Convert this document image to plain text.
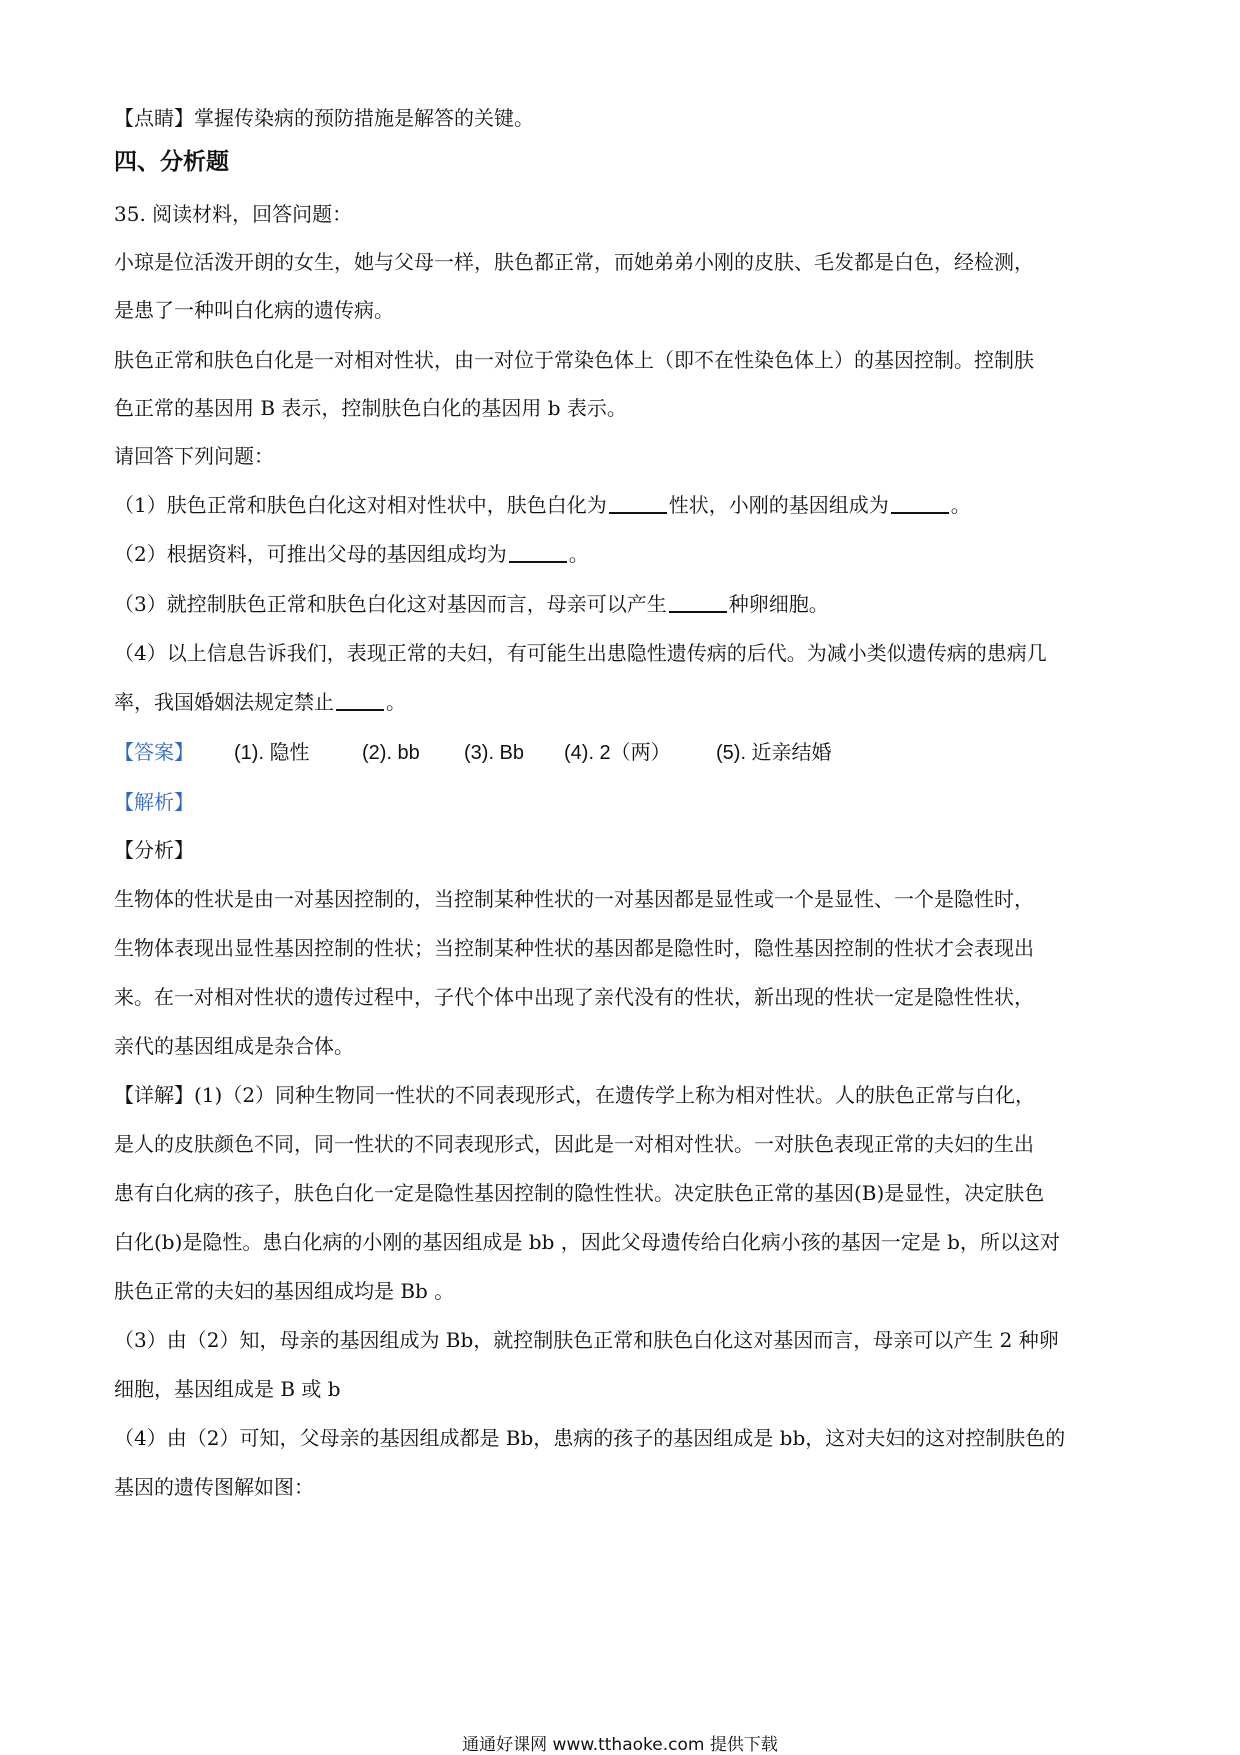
【点睛】掌握传染病的预防措施是解答的关键。
四、分析题
35. 阅读材料，回答问题：
小琼是位活泼开朗的女生，她与父母一样，肤色都正常，而她弟弟小刚的皮肤、毛发都是白色，经检测，
是患了一种叫白化病的遗传病。
肤色正常和肤色白化是一对相对性状，由一对位于常染色体上（即不在性染色体上）的基因控制。控制肤
色正常的基因用 B 表示，控制肤色白化的基因用 b 表示。
请回答下列问题：
（1）肤色正常和肤色白化这对相对性状中，肤色白化为	性状，小刚的基因组成为	。
（2）根据资料，可推出父母的基因组成均为	。
（3）就控制肤色正常和肤色白化这对基因而言，母亲可以产生	种卵细胞。
（4）以上信息告诉我们，表现正常的夫妇，有可能生出患隐性遗传病的后代。为减小类似遗传病的患病几
率，我国婚姻法规定禁止	。
【答案】 (1). 隐性	(2). bb (3). Bb (4). 2（两） (5). 近亲结婚
【解析】
【分析】
生物体的性状是由一对基因控制的，当控制某种性状的一对基因都是显性或一个是显性、一个是隐性时，
生物体表现出显性基因控制的性状；当控制某种性状的基因都是隐性时，隐性基因控制的性状才会表现出
来。在一对相对性状的遗传过程中，子代个体中出现了亲代没有的性状，新出现的性状一定是隐性性状，
亲代的基因组成是杂合体。
【详解】(1)（2）同种生物同一性状的不同表现形式，在遗传学上称为相对性状。人的肤色正常与白化，
是人的皮肤颜色不同，同一性状的不同表现形式，因此是一对相对性状。一对肤色表现正常的夫妇的生出
患有白化病的孩子，肤色白化一定是隐性基因控制的隐性性状。决定肤色正常的基因(B)是显性，决定肤色
白化(b)是隐性。患白化病的小刚的基因组成是 bb ，因此父母遗传给白化病小孩的基因一定是 b，所以这对
肤色正常的夫妇的基因组成均是 Bb 。
（3）由（2）知，母亲的基因组成为 Bb，就控制肤色正常和肤色白化这对基因而言，母亲可以产生 2 种卵
细胞，基因组成是 B 或 b
（4）由（2）可知，父母亲的基因组成都是 Bb，患病的孩子的基因组成是 bb，这对夫妇的这对控制肤色的
基因的遗传图解如图：
通通好课网 www.tthaoke.com 提供下载
